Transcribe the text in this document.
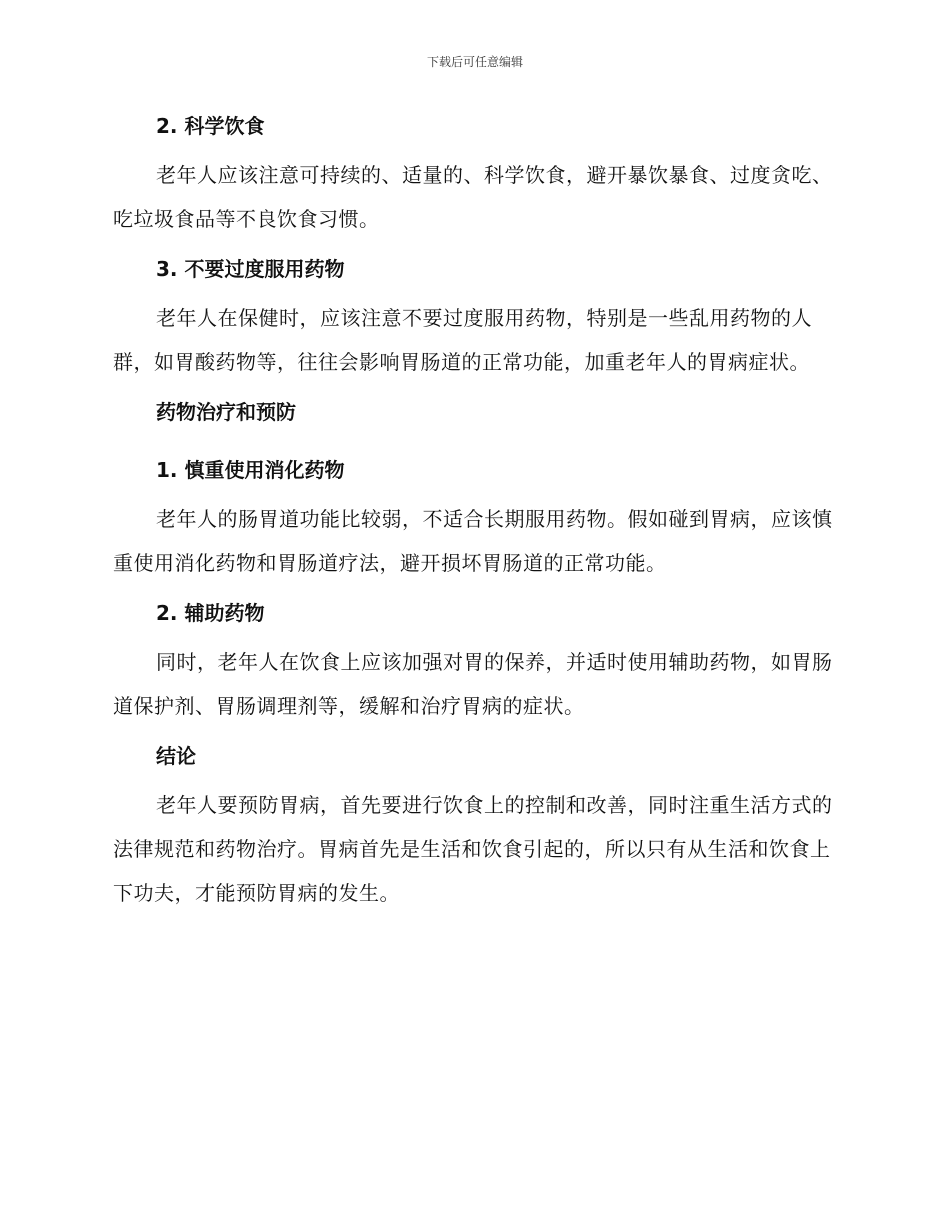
下载后可任意编辑

2. 科学饮食

老年人应该注意可持续的、适量的、科学饮食，避开暴饮暴食、过度贪吃、吃垃圾食品等不良饮食习惯。

3. 不要过度服用药物

老年人在保健时，应该注意不要过度服用药物，特别是一些乱用药物的人群，如胃酸药物等，往往会影响胃肠道的正常功能，加重老年人的胃病症状。

药物治疗和预防

1. 慎重使用消化药物

老年人的肠胃道功能比较弱，不适合长期服用药物。假如碰到胃病，应该慎重使用消化药物和胃肠道疗法，避开损坏胃肠道的正常功能。

2. 辅助药物

同时，老年人在饮食上应该加强对胃的保养，并适时使用辅助药物，如胃肠道保护剂、胃肠调理剂等，缓解和治疗胃病的症状。

结论

老年人要预防胃病，首先要进行饮食上的控制和改善，同时注重生活方式的法律规范和药物治疗。胃病首先是生活和饮食引起的，所以只有从生活和饮食上下功夫，才能预防胃病的发生。
